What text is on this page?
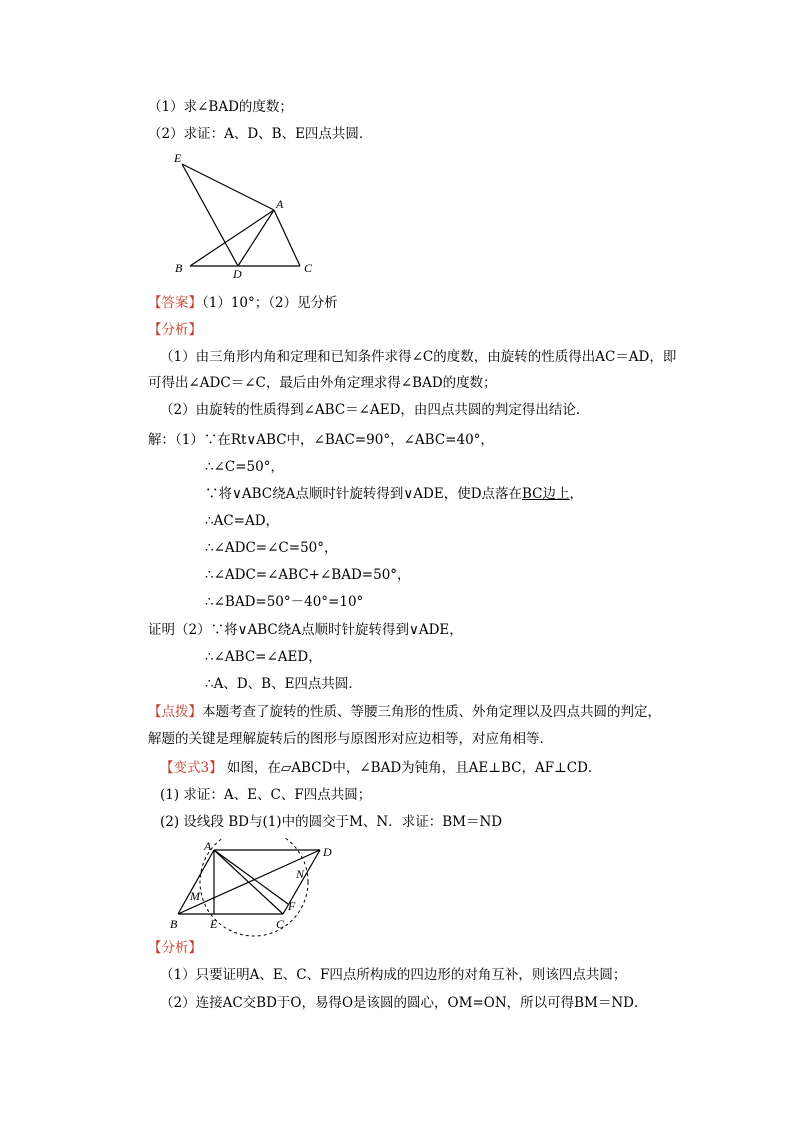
（1）求∠BAD的度数；
（2）求证：A、D、B、E四点共圆．
E
A
B	D	C
【答案】（1）10°；（2）见分析
【分析】
（1）由三角形内角和定理和已知条件求得∠C的度数，由旋转的性质得出AC＝AD，即
可得出∠ADC＝∠C，最后由外角定理求得∠BAD的度数；
（2）由旋转的性质得到∠ABC＝∠AED，由四点共圆的判定得出结论．
解：（1）∵在Rt∨ABC中，∠BAC=90°，∠ABC=40°，
∴∠C=50°，
∵将∨ABC绕A点顺时针旋转得到∨ADE，使D点落在BC边上，
∴AC=AD，
∴∠ADC=∠C=50°，
∴∠ADC=∠ABC+∠BAD=50°，
∴∠BAD=50°－40°=10°
证明（2）∵将∨ABC绕A点顺时针旋转得到∨ADE，
∴∠ABC=∠AED，
∴A、D、B、E四点共圆．
【点拨】本题考查了旋转的性质、等腰三角形的性质、外角定理以及四点共圆的判定，
解题的关键是理解旋转后的图形与原图形对应边相等，对应角相等．
【变式3】 如图，在▱ABCD中，∠BAD为钝角，且AE⊥BC，AF⊥CD．
(1) 求证：A、E、C、F四点共圆；
(2) 设线段 BD与(1)中的圆交于M、N．求证：BM＝ND
A	D
M
N
B	E	C
F
【分析】
（1）只要证明A、E、C、F四点所构成的四边形的对角互补，则该四点共圆；
（2）连接AC交BD于O，易得O是该圆的圆心，OM=ON，所以可得BM＝ND．
